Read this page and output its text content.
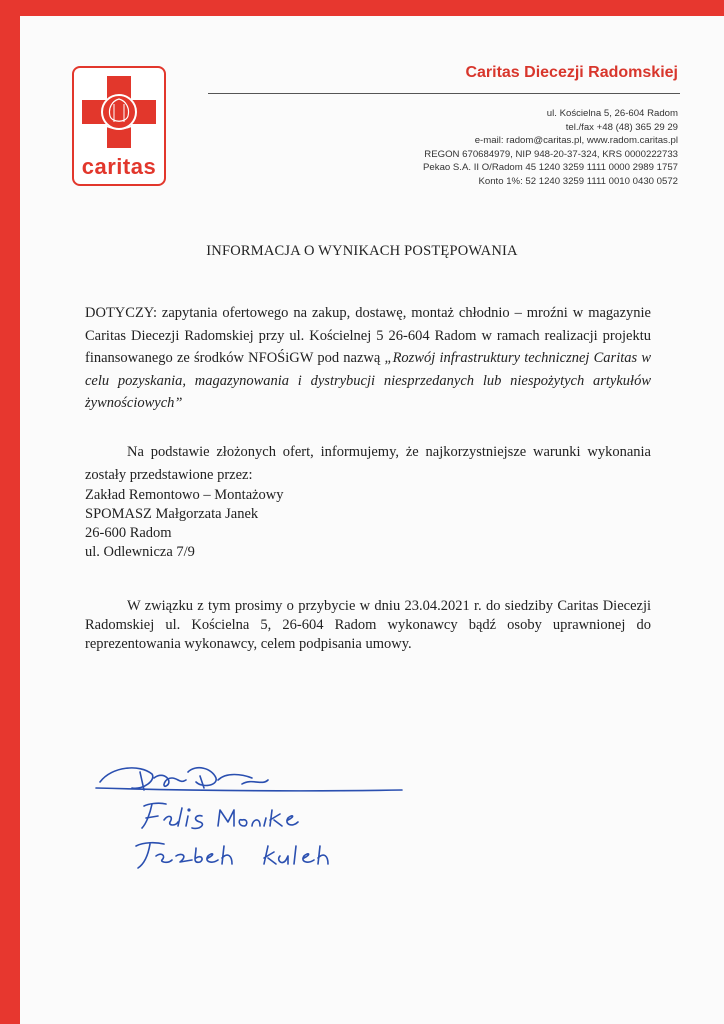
caritas
Caritas Diecezji Radomskiej
ul. Kościelna 5, 26-604 Radom
tel./fax +48 (48) 365 29 29
e-mail: radom@caritas.pl, www.radom.caritas.pl
REGON 670684979, NIP 948-20-37-324, KRS 0000222733
Pekao S.A. II O/Radom 45 1240 3259 1111 0000 2989 1757
Konto 1%: 52 1240 3259 1111 0010 0430 0572
INFORMACJA O WYNIKACH POSTĘPOWANIA
DOTYCZY: zapytania ofertowego na zakup, dostawę, montaż chłodnio – mroźni w magazynie Caritas Diecezji Radomskiej przy ul. Kościelnej 5 26-604 Radom w ramach realizacji projektu finansowanego ze środków NFOŚiGW pod nazwą „Rozwój infrastruktury technicznej Caritas w celu pozyskania, magazynowania i dystrybucji niesprzedanych lub niespożytych artykułów żywnościowych”
Na podstawie złożonych ofert, informujemy, że najkorzystniejsze warunki wykonania zostały przedstawione przez:
Zakład Remontowo – Montażowy
SPOMASZ Małgorzata Janek
26-600 Radom
ul. Odlewnicza 7/9
W związku z tym prosimy o przybycie w dniu 23.04.2021 r. do siedziby Caritas Diecezji Radomskiej ul. Kościelna 5, 26-604 Radom wykonawcy bądź osoby uprawnionej do reprezentowania wykonawcy, celem podpisania umowy.
